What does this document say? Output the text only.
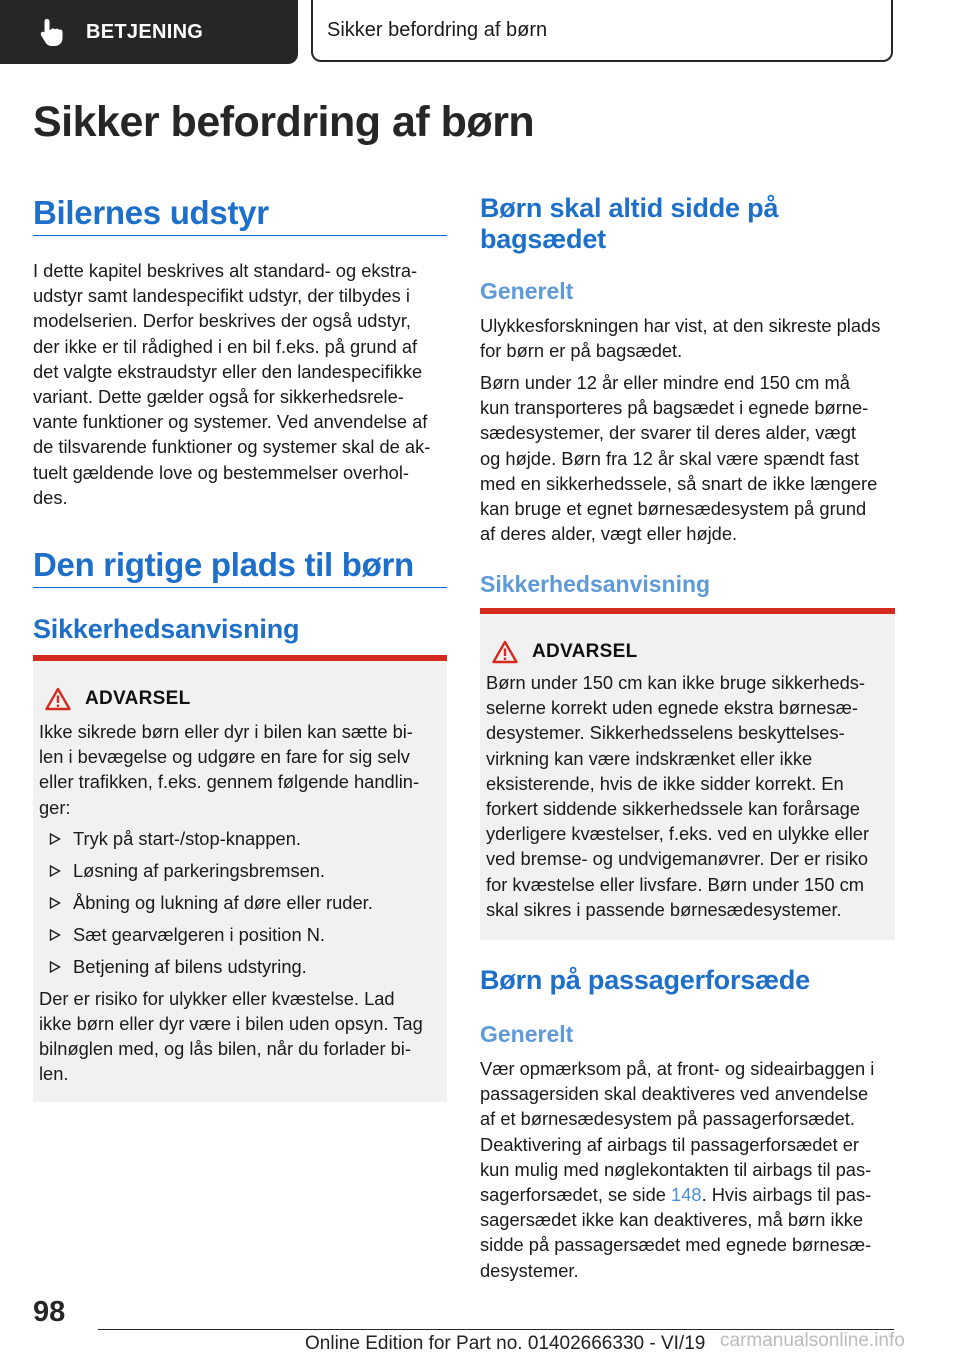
BETJENING	Sikker befordring af børn
Sikker befordring af børn
Bilernes udstyr
I dette kapitel beskrives alt standard- og ekstra-
udstyr samt landespecifikt udstyr, der tilbydes i
modelserien. Derfor beskrives der også udstyr,
der ikke er til rådighed i en bil f.eks. på grund af
det valgte ekstraudstyr eller den landespecifikke
variant. Dette gælder også for sikkerhedsrele-
vante funktioner og systemer. Ved anvendelse af
de tilsvarende funktioner og systemer skal de ak-
tuelt gældende love og bestemmelser overhol-
des.
Den rigtige plads til børn
Sikkerhedsanvisning
ADVARSEL
Ikke sikrede børn eller dyr i bilen kan sætte bi-
len i bevægelse og udgøre en fare for sig selv
eller trafikken, f.eks. gennem følgende handlin-
ger:
Tryk på start-/stop-knappen.
Løsning af parkeringsbremsen.
Åbning og lukning af døre eller ruder.
Sæt gearvælgeren i position N.
Betjening af bilens udstyring.
Der er risiko for ulykker eller kvæstelse. Lad
ikke børn eller dyr være i bilen uden opsyn. Tag
bilnøglen med, og lås bilen, når du forlader bi-
len.
Børn skal altid sidde på
bagsædet
Generelt
Ulykkesforskningen har vist, at den sikreste plads
for børn er på bagsædet.
Børn under 12 år eller mindre end 150 cm må
kun transporteres på bagsædet i egnede børne-
sædesystemer, der svarer til deres alder, vægt
og højde. Børn fra 12 år skal være spændt fast
med en sikkerhedssele, så snart de ikke længere
kan bruge et egnet børnesædesystem på grund
af deres alder, vægt eller højde.
Sikkerhedsanvisning
ADVARSEL
Børn under 150 cm kan ikke bruge sikkerheds-
selerne korrekt uden egnede ekstra børnesæ-
desystemer. Sikkerhedsselens beskyttelses-
virkning kan være indskrænket eller ikke
eksisterende, hvis de ikke sidder korrekt. En
forkert siddende sikkerhedssele kan forårsage
yderligere kvæstelser, f.eks. ved en ulykke eller
ved bremse- og undvigemanøvrer. Der er risiko
for kvæstelse eller livsfare. Børn under 150 cm
skal sikres i passende børnesædesystemer.
Børn på passagerforsæde
Generelt
Vær opmærksom på, at front- og sideairbaggen i
passagersiden skal deaktiveres ved anvendelse
af et børnesædesystem på passagerforsædet.
Deaktivering af airbags til passagerforsædet er
kun mulig med nøglekontakten til airbags til pas-
sagerforsædet, se side 148. Hvis airbags til pas-
sagersædet ikke kan deaktiveres, må børn ikke
sidde på passagersædet med egnede børnesæ-
desystemer.
98
Online Edition for Part no. 01402666330 - VI/19 carmanualsonline.info
